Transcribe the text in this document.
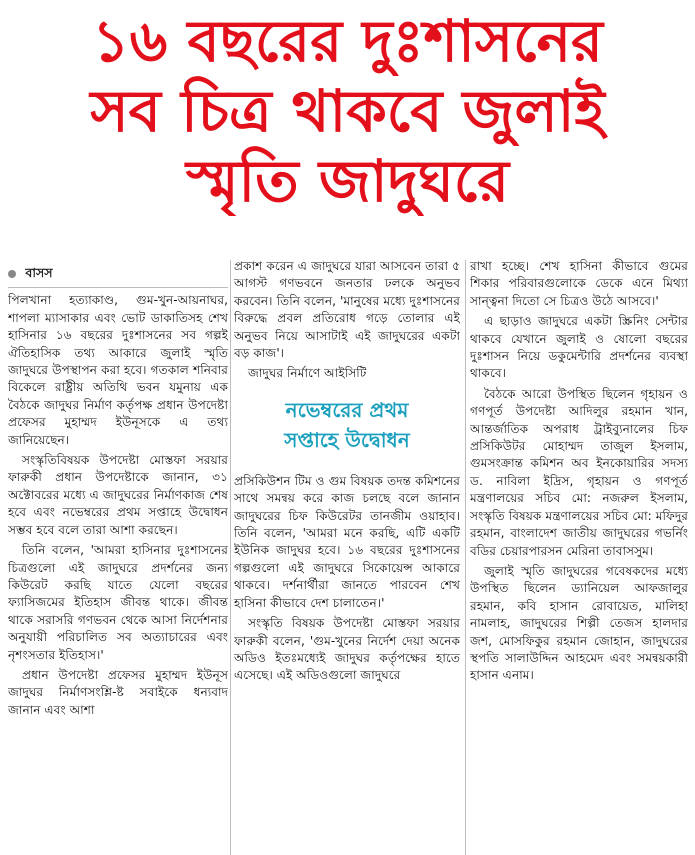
১৬ বছরের দুঃশাসনের
সব চিত্র থাকবে জুলাই
স্মৃতি জাদুঘরে
বাসস

পিলখানা হত্যাকাণ্ড, গুম-খুন-আয়নাঘর, শাপলা ম্যাসাকার এবং ভোট ডাকাতিসহ শেখ হাসিনার ১৬ বছরের দুঃশাসনের সব গল্পই ঐতিহাসিক তথ্য আকারে জুলাই স্মৃতি জাদুঘরে উপস্থাপন করা হবে। গতকাল শনিবার বিকেলে রাষ্ট্রীয় অতিথি ভবন যমুনায় এক বৈঠকে জাদুঘর নির্মাণ কর্তৃপক্ষ প্রধান উপদেষ্টা প্রফেসর মুহাম্মদ ইউনূসকে এ তথ্য জানিয়েছেন।

সংস্কৃতিবিষয়ক উপদেষ্টা মোস্তফা সরয়ার ফারুকী প্রধান উপদেষ্টাকে জানান, ৩১ অক্টোবরের মধ্যে এ জাদুঘরের নির্মাণকাজ শেষ হবে এবং নভেম্বরের প্রথম সপ্তাহে উদ্বোধন সম্ভব হবে বলে তারা আশা করছেন।

তিনি বলেন, 'আমরা হাসিনার দুঃশাসনের চিত্রগুলো এই জাদুঘরে প্রদর্শনের জন্য কিউরেট করছি যাতে যেলো বছরের ফ্যাসিজমের ইতিহাস জীবন্ত থাকে। জীবন্ত থাকে সরাসরি গণভবন থেকে আসা নির্দেশনার অনুযায়ী পরিচালিত সব অত্যাচারের এবং নৃশংসতার ইতিহাস।'

প্রধান উপদেষ্টা প্রফেসর মুহাম্মদ ইউনূস জাদুঘর নির্মাণসংশ্লি-ষ্ট সবাইকে ধন্যবাদ জানান এবং আশা

প্রকাশ করেন এ জাদুঘরে যারা আসবেন তারা ৫ আগস্ট গণভবনে জনতার ঢলকে অনুভব করবেন। তিনি বলেন, 'মানুষের মধ্যে দুঃশাসনের বিরুদ্ধে প্রবল প্রতিরোধ গড়ে তোলার এই অনুভব নিয়ে আসাটাই এই জাদুঘরের একটা বড় কাজ'।

জাদুঘর নির্মাণে আইসিটি

নভেম্বরের প্রথম
সপ্তাহে উদ্বোধন

প্রসিকিউশন টিম ও গুম বিষয়ক তদন্ত কমিশনের সাথে সমন্বয় করে কাজ চলছে বলে জানান জাদুঘরের চিফ কিউরেটর তানজীম ওয়াহাব। তিনি বলেন, 'আমরা মনে করছি, এটি একটি ইউনিক জাদুঘর হবে। ১৬ বছরের দুঃশাসনের গল্পগুলো এই জাদুঘরে সিকোয়েন্স আকারে থাকবে। দর্শনার্থীরা জানতে পারবেন শেখ হাসিনা কীভাবে দেশ চালাতেন।'

সংস্কৃতি বিষয়ক উপদেষ্টা মোস্তফা সরয়ার ফারুকী বলেন, 'গুম-খুনের নির্দেশ দেয়া অনেক অডিও ইতঃমধ্যেই জাদুঘর কর্তৃপক্ষের হাতে এসেছে। এই অডিওগুলো জাদুঘরে

রাখা হচ্ছে। শেখ হাসিনা কীভাবে গুমের শিকার পরিবারগুলোকে ডেকে এনে মিথ্যা সান্ত্বনা দিতো সে চিত্রও উঠে আসবে।'

এ ছাড়াও জাদুঘরে একটা স্ক্রিনিং সেন্টার থাকবে যেখানে জুলাই ও ষোলো বছরের দুঃশাসন নিয়ে ডকুমেন্টারি প্রদর্শনের ব্যবস্থা থাকবে।

বৈঠকে আরো উপস্থিত ছিলেন গৃহায়ন ও গণপূর্ত উপদেষ্টা আদিলুর রহমান খান, আন্তর্জাতিক অপরাধ ট্রাইব্যুনালের চিফ প্রসিকিউটর মোহাম্মদ তাজুল ইসলাম, গুমসংক্রান্ত কমিশন অব ইনকোয়ারির সদস্য ড. নাবিলা ইদ্রিস, গৃহায়ন ও গণপূর্ত মন্ত্রণালয়ের সচিব মো: নজরুল ইসলাম, সংস্কৃতি বিষয়ক মন্ত্রণালয়ের সচিব মো: মফিদুর রহমান, বাংলাদেশ জাতীয় জাদুঘরের গভর্নিং বডির চেয়ারপারসন মেরিনা তাবাসসুম।

জুলাই স্মৃতি জাদুঘরের গবেষকদের মধ্যে উপস্থিত ছিলেন ড্যানিয়েল আফজালুর রহমান, কবি হাসান রোবায়েত, মালিহা নামলাহ, জাদুঘরের শিল্পী তেজস হালদার জশ, মোসফিকুর রহমান জোহান, জাদুঘরের স্থপতি সালাউদ্দিন আহমেদ এবং সমন্বয়কারী হাসান এনাম।
